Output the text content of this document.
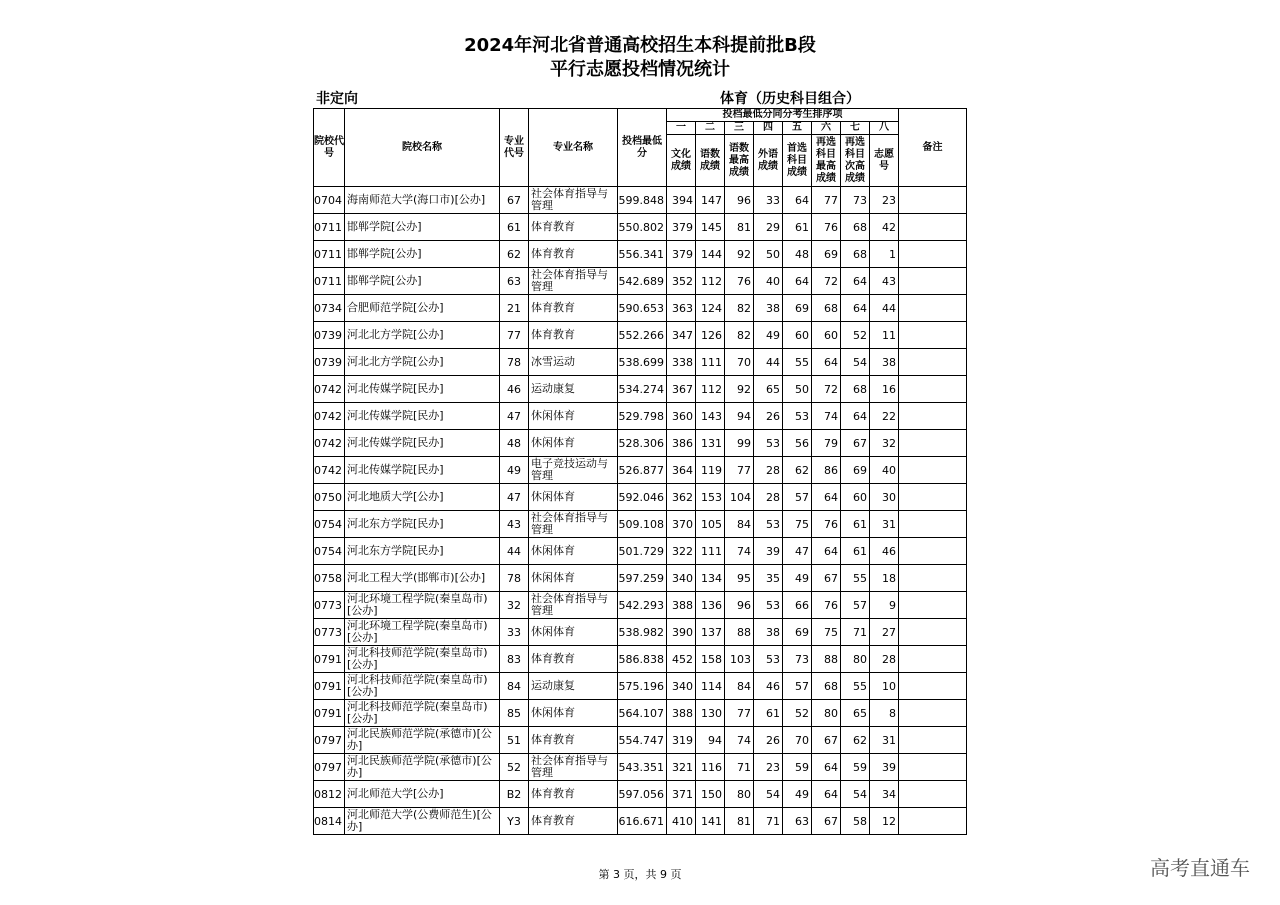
2024年河北省普通高校招生本科提前批B段
平行志愿投档情况统计
非定向	体育（历史科目组合）
院校代号	院校名称	专业代号	专业名称	投档最低分	投档最低分同分考生排序项								备注
					一	二	三	四	五	六	七	八	
					文化成绩	语数成绩	语数最高成绩	外语成绩	首选科目成绩	再选科目最高成绩	再选科目次高成绩	志愿号	
0704	海南师范大学(海口市)[公办]	67	社会体育指导与管理	599.848	394	147	96	33	64	77	73	23	
0711	邯郸学院[公办]	61	体育教育	550.802	379	145	81	29	61	76	68	42	
0711	邯郸学院[公办]	62	体育教育	556.341	379	144	92	50	48	69	68	1	
0711	邯郸学院[公办]	63	社会体育指导与管理	542.689	352	112	76	40	64	72	64	43	
0734	合肥师范学院[公办]	21	体育教育	590.653	363	124	82	38	69	68	64	44	
0739	河北北方学院[公办]	77	体育教育	552.266	347	126	82	49	60	60	52	11	
0739	河北北方学院[公办]	78	冰雪运动	538.699	338	111	70	44	55	64	54	38	
0742	河北传媒学院[民办]	46	运动康复	534.274	367	112	92	65	50	72	68	16	
0742	河北传媒学院[民办]	47	休闲体育	529.798	360	143	94	26	53	74	64	22	
0742	河北传媒学院[民办]	48	休闲体育	528.306	386	131	99	53	56	79	67	32	
0742	河北传媒学院[民办]	49	电子竞技运动与管理	526.877	364	119	77	28	62	86	69	40	
0750	河北地质大学[公办]	47	休闲体育	592.046	362	153	104	28	57	64	60	30	
0754	河北东方学院[民办]	43	社会体育指导与管理	509.108	370	105	84	53	75	76	61	31	
0754	河北东方学院[民办]	44	休闲体育	501.729	322	111	74	39	47	64	61	46	
0758	河北工程大学(邯郸市)[公办]	78	休闲体育	597.259	340	134	95	35	49	67	55	18	
0773	河北环境工程学院(秦皇岛市)[公办]	32	社会体育指导与管理	542.293	388	136	96	53	66	76	57	9	
0773	河北环境工程学院(秦皇岛市)[公办]	33	休闲体育	538.982	390	137	88	38	69	75	71	27	
0791	河北科技师范学院(秦皇岛市)[公办]	83	体育教育	586.838	452	158	103	53	73	88	80	28	
0791	河北科技师范学院(秦皇岛市)[公办]	84	运动康复	575.196	340	114	84	46	57	68	55	10	
0791	河北科技师范学院(秦皇岛市)[公办]	85	休闲体育	564.107	388	130	77	61	52	80	65	8	
0797	河北民族师范学院(承德市)[公办]	51	体育教育	554.747	319	94	74	26	70	67	62	31	
0797	河北民族师范学院(承德市)[公办]	52	社会体育指导与管理	543.351	321	116	71	23	59	64	59	39	
0812	河北师范大学[公办]	B2	体育教育	597.056	371	150	80	54	49	64	54	34	
0814	河北师范大学(公费师范生)[公办]	Y3	体育教育	616.671	410	141	81	71	63	67	58	12	
第 3 页，共 9 页	高考直通车
